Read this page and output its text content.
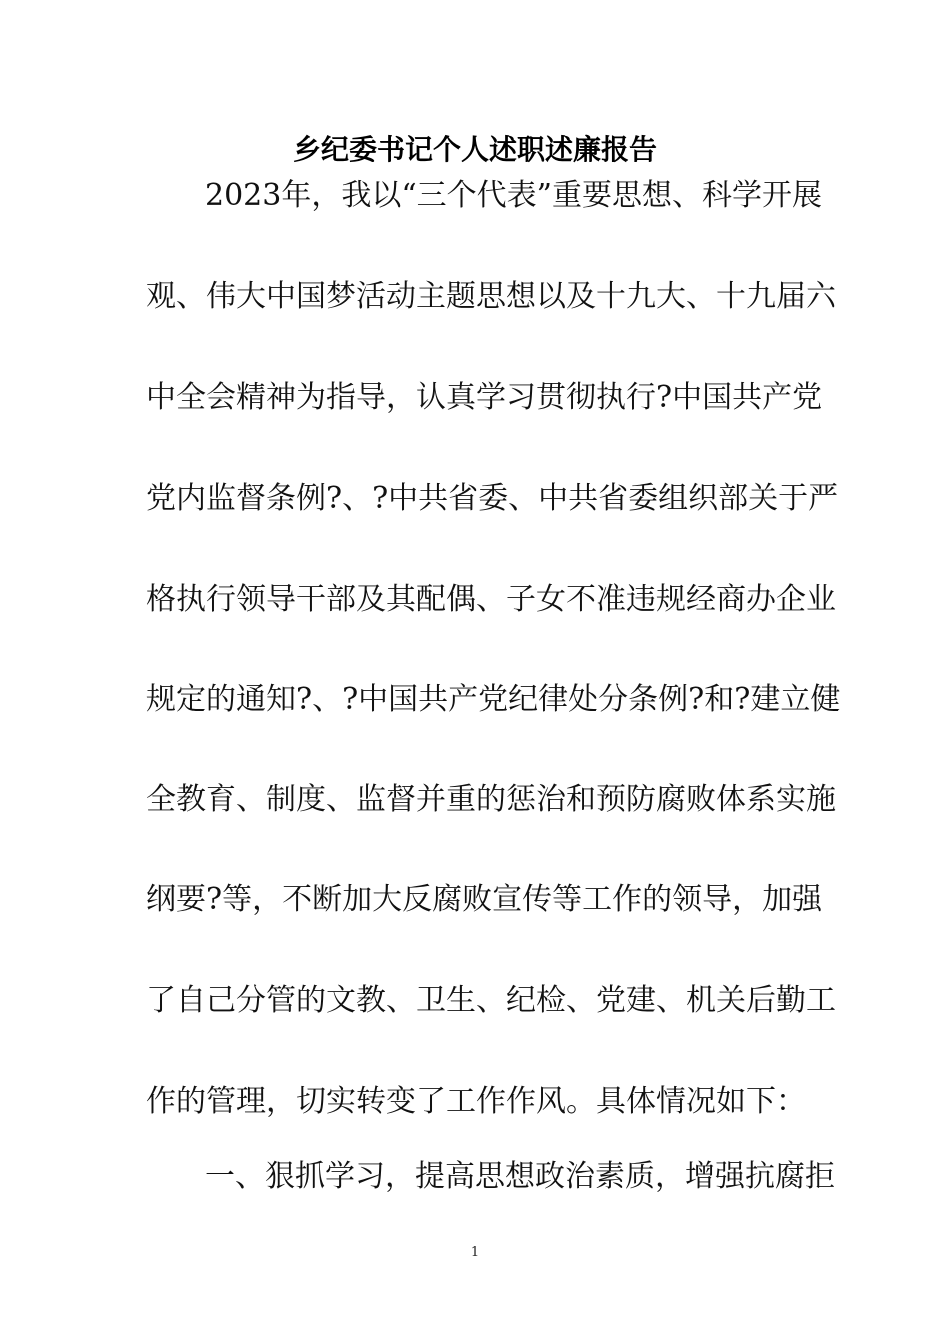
乡纪委书记个人述职述廉报告
2023年，我以“三个代表”重要思想、科学开展
观、伟大中国梦活动主题思想以及十九大、十九届六
中全会精神为指导，认真学习贯彻执行?中国共产党
党内监督条例?、?中共省委、中共省委组织部关于严
格执行领导干部及其配偶、子女不准违规经商办企业
规定的通知?、?中国共产党纪律处分条例?和?建立健
全教育、制度、监督并重的惩治和预防腐败体系实施
纲要?等，不断加大反腐败宣传等工作的领导，加强
了自己分管的文教、卫生、纪检、党建、机关后勤工
作的管理，切实转变了工作作风。具体情况如下：
一、狠抓学习，提高思想政治素质，增强抗腐拒
1
